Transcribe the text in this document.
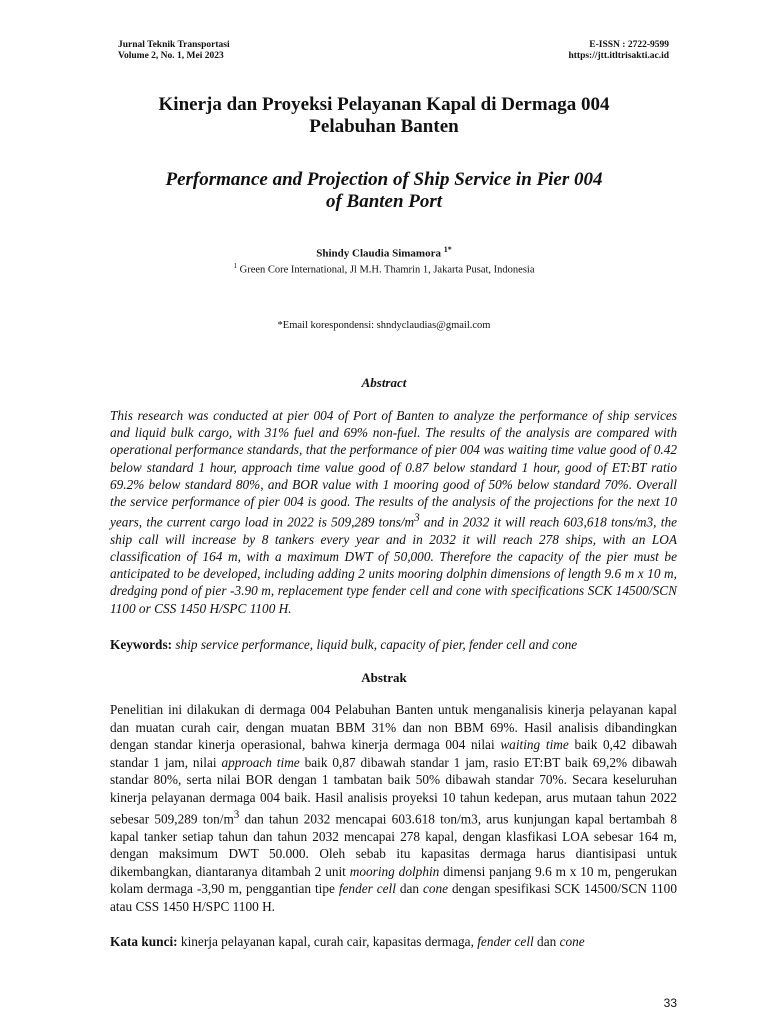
Jurnal Teknik Transportasi
Volume 2, No. 1, Mei 2023
E-ISSN : 2722-9599
https://jtt.itltrisakti.ac.id
Kinerja dan Proyeksi Pelayanan Kapal di Dermaga 004
Pelabuhan Banten
Performance and Projection of Ship Service in Pier 004
of Banten Port
Shindy Claudia Simamora $^{1*}$
$^1$ Green Core International, Jl M.H. Thamrin 1, Jakarta Pusat, Indonesia
*Email korespondensi: shndyclaudias@gmail.com
Abstract
This research was conducted at pier 004 of Port of Banten to analyze the performance of ship services and liquid bulk cargo, with 31% fuel and 69% non-fuel. The results of the analysis are compared with operational performance standards, that the performance of pier 004 was waiting time value good of 0.42 below standard 1 hour, approach time value good of 0.87 below standard 1 hour, good of ET:BT ratio 69.2% below standard 80%, and BOR value with 1 mooring good of 50% below standard 70%. Overall the service performance of pier 004 is good. The results of the analysis of the projections for the next 10 years, the current cargo load in 2022 is 509,289 tons/$m^3$ and in 2032 it will reach 603,618 tons/m3, the ship call will increase by 8 tankers every year and in 2032 it will reach 278 ships, with an LOA classification of 164 m, with a maximum DWT of 50,000. Therefore the capacity of the pier must be anticipated to be developed, including adding 2 units mooring dolphin dimensions of length 9.6 m x 10 m, dredging pond of pier -3.90 m, replacement type fender cell and cone with specifications SCK 14500/SCN 1100 or CSS 1450 H/SPC 1100 H.
Keywords: ship service performance, liquid bulk, capacity of pier, fender cell and cone
Abstrak
Penelitian ini dilakukan di dermaga 004 Pelabuhan Banten untuk menganalisis kinerja pelayanan kapal dan muatan curah cair, dengan muatan BBM 31% dan non BBM 69%. Hasil analisis dibandingkan dengan standar kinerja operasional, bahwa kinerja dermaga 004 nilai waiting time baik 0,42 dibawah standar 1 jam, nilai approach time baik 0,87 dibawah standar 1 jam, rasio ET:BT baik 69,2% dibawah standar 80%, serta nilai BOR dengan 1 tambatan baik 50% dibawah standar 70%. Secara keseluruhan kinerja pelayanan dermaga 004 baik. Hasil analisis proyeksi 10 tahun kedepan, arus mutaan tahun 2022 sebesar 509,289 ton/$m^3$ dan tahun 2032 mencapai 603.618 ton/m3, arus kunjungan kapal bertambah 8 kapal tanker setiap tahun dan tahun 2032 mencapai 278 kapal, dengan klasfikasi LOA sebesar 164 m, dengan maksimum DWT 50.000. Oleh sebab itu kapasitas dermaga harus diantisipasi untuk dikembangkan, diantaranya ditambah 2 unit mooring dolphin dimensi panjang 9.6 m x 10 m, pengerukan kolam dermaga -3,90 m, penggantian tipe fender cell dan cone dengan spesifikasi SCK 14500/SCN 1100 atau CSS 1450 H/SPC 1100 H.
Kata kunci: kinerja pelayanan kapal, curah cair, kapasitas dermaga, fender cell dan cone
33
